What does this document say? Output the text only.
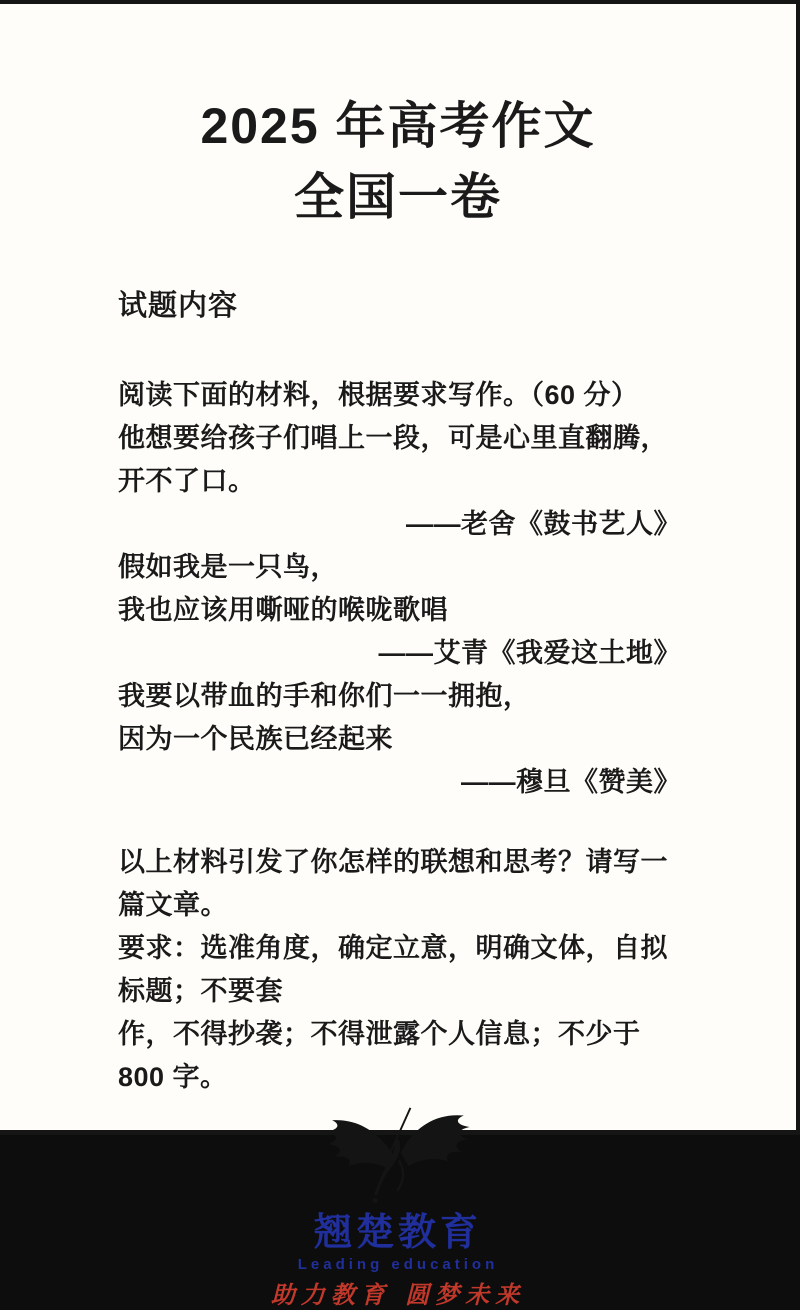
2025 年高考作文
全国一卷
试题内容

阅读下面的材料，根据要求写作。（60 分）

他想要给孩子们唱上一段，可是心里直翻腾，开不了口。

——老舍《鼓书艺人》

假如我是一只鸟，

我也应该用嘶哑的喉咙歌唱

——艾青《我爱这土地》

我要以带血的手和你们一一拥抱，

因为一个民族已经起来

——穆旦《赞美》

以上材料引发了你怎样的联想和思考？请写一篇文章。

要求：选准角度，确定立意，明确文体，自拟标题；不要套

作，不得抄袭；不得泄露个人信息；不少于 800 字。

翘楚教育
Leading education
助力教育 圆梦未来
